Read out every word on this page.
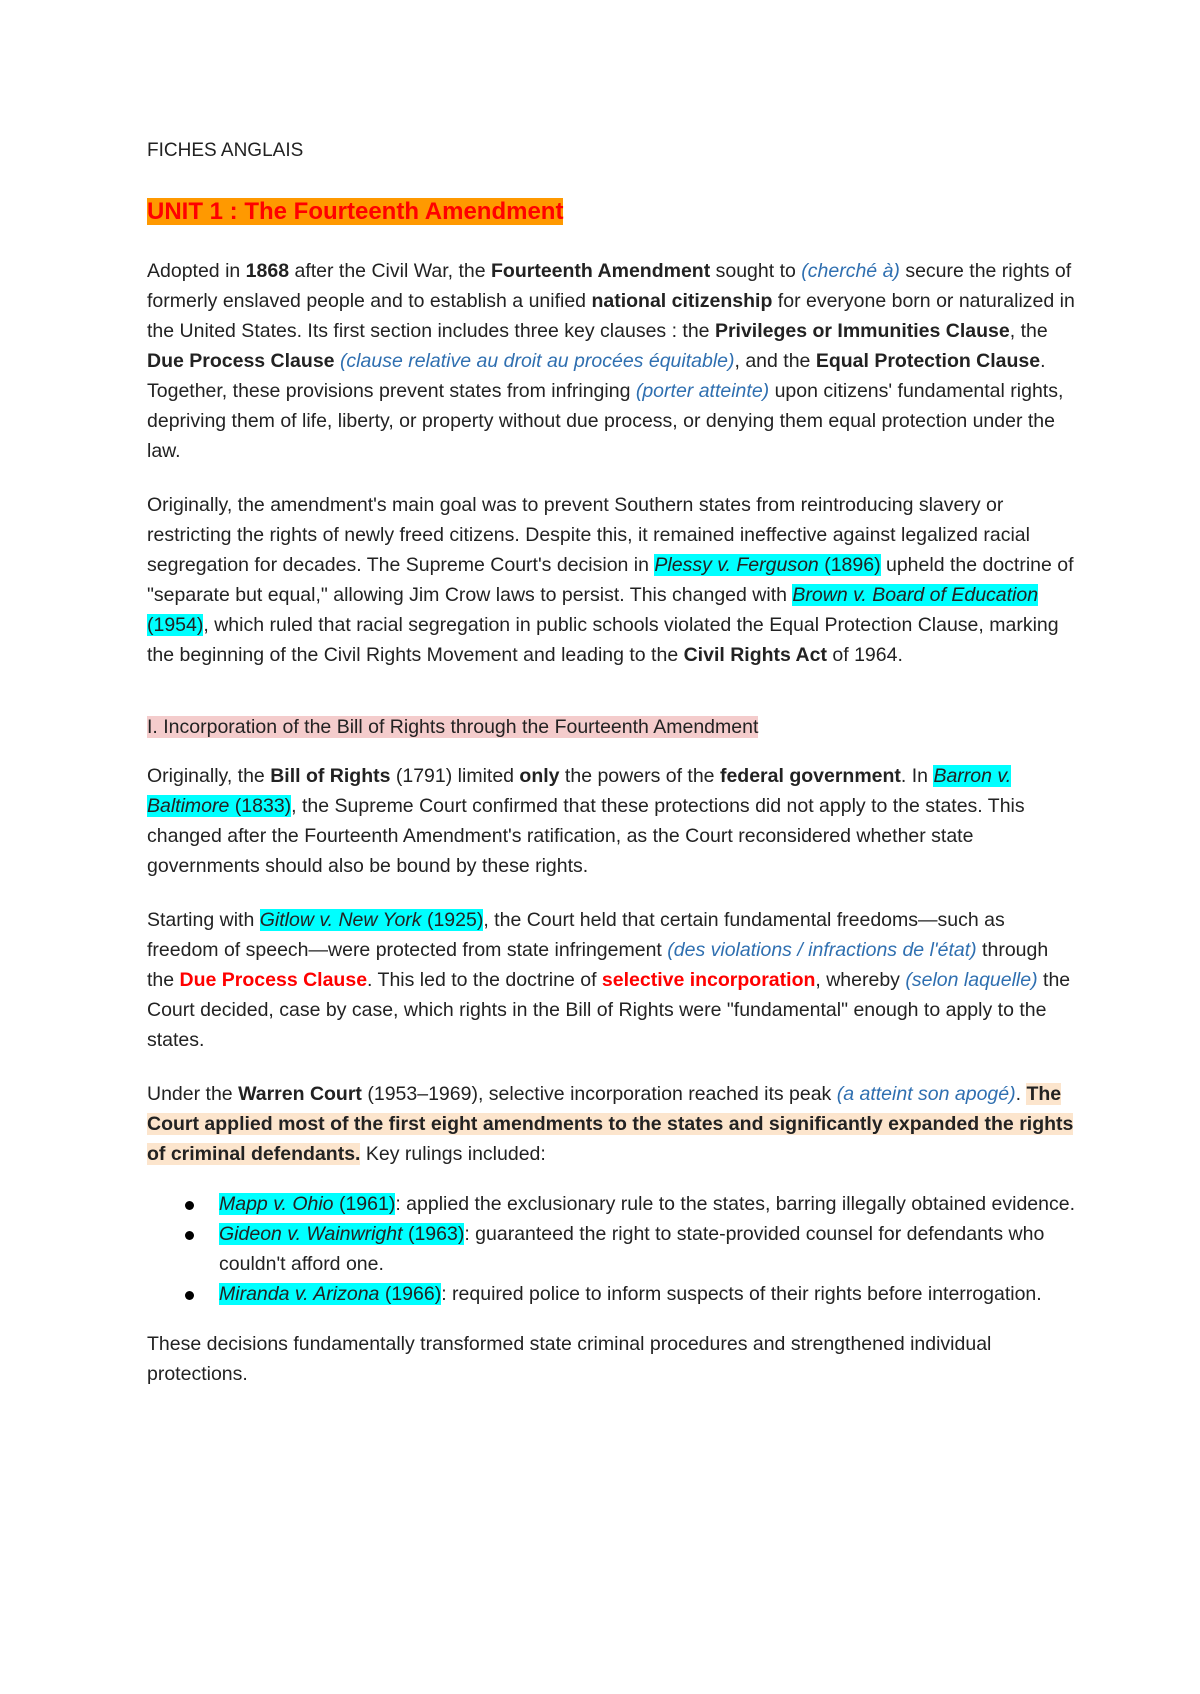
FICHES ANGLAIS
UNIT 1 : The Fourteenth Amendment

Adopted in 1868 after the Civil War, the Fourteenth Amendment sought to (cherché à) secure the rights of formerly enslaved people and to establish a unified national citizenship for everyone born or naturalized in the United States. Its first section includes three key clauses : the Privileges or Immunities Clause, the Due Process Clause (clause relative au droit au procées équitable), and the Equal Protection Clause. Together, these provisions prevent states from infringing (porter atteinte) upon citizens' fundamental rights, depriving them of life, liberty, or property without due process, or denying them equal protection under the law.

Originally, the amendment's main goal was to prevent Southern states from reintroducing slavery or restricting the rights of newly freed citizens. Despite this, it remained ineffective against legalized racial segregation for decades. The Supreme Court's decision in Plessy v. Ferguson (1896) upheld the doctrine of "separate but equal," allowing Jim Crow laws to persist. This changed with Brown v. Board of Education (1954), which ruled that racial segregation in public schools violated the Equal Protection Clause, marking the beginning of the Civil Rights Movement and leading to the Civil Rights Act of 1964.

I. Incorporation of the Bill of Rights through the Fourteenth Amendment

Originally, the Bill of Rights (1791) limited only the powers of the federal government. In Barron v. Baltimore (1833), the Supreme Court confirmed that these protections did not apply to the states. This changed after the Fourteenth Amendment's ratification, as the Court reconsidered whether state governments should also be bound by these rights.

Starting with Gitlow v. New York (1925), the Court held that certain fundamental freedoms—such as freedom of speech—were protected from state infringement (des violations / infractions de l'état) through the Due Process Clause. This led to the doctrine of selective incorporation, whereby (selon laquelle) the Court decided, case by case, which rights in the Bill of Rights were "fundamental" enough to apply to the states.

Under the Warren Court (1953–1969), selective incorporation reached its peak (a atteint son apogé). The Court applied most of the first eight amendments to the states and significantly expanded the rights of criminal defendants. Key rulings included:

Mapp v. Ohio (1961): applied the exclusionary rule to the states, barring illegally obtained evidence.
Gideon v. Wainwright (1963): guaranteed the right to state-provided counsel for defendants who couldn't afford one.
Miranda v. Arizona (1966): required police to inform suspects of their rights before interrogation.

These decisions fundamentally transformed state criminal procedures and strengthened individual protections.
